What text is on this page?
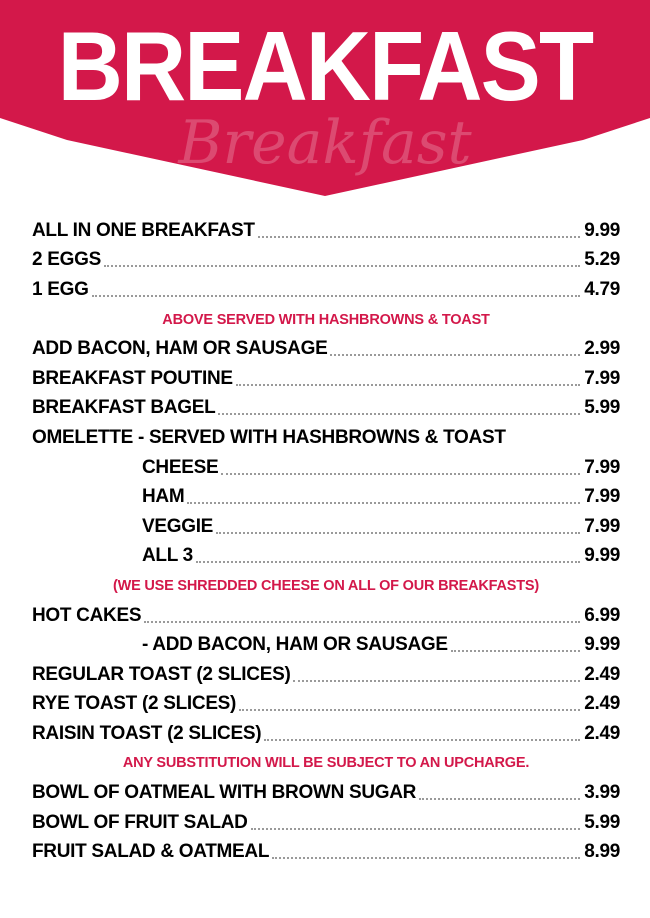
Breakfast
BREAKFAST
ALL IN ONE BREAKFAST	9.99
2 EGGS	5.29
1 EGG	4.79
ABOVE SERVED WITH HASHBROWNS & TOAST
ADD BACON, HAM OR SAUSAGE	2.99
BREAKFAST POUTINE	7.99
BREAKFAST BAGEL	5.99
OMELETTE - SERVED WITH HASHBROWNS & TOAST
CHEESE	7.99
HAM	7.99
VEGGIE	7.99
ALL 3	9.99
(WE USE SHREDDED CHEESE ON ALL OF OUR BREAKFASTS)
HOT CAKES	6.99
- ADD BACON, HAM OR SAUSAGE	9.99
REGULAR TOAST (2 SLICES)	2.49
RYE TOAST (2 SLICES)	2.49
RAISIN TOAST (2 SLICES)	2.49
ANY SUBSTITUTION WILL BE SUBJECT TO AN UPCHARGE.
BOWL OF OATMEAL WITH BROWN SUGAR	3.99
BOWL OF FRUIT SALAD	5.99
FRUIT SALAD & OATMEAL	8.99
